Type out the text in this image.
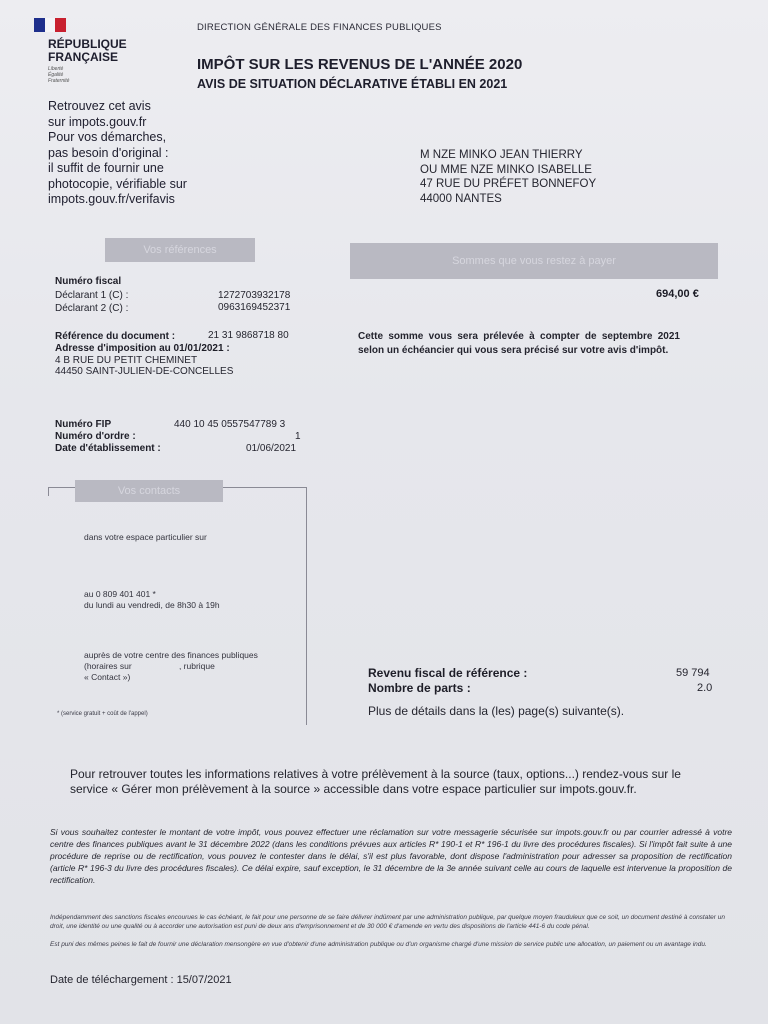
RÉPUBLIQUE
FRANÇAISE
Liberté
Égalité
Fraternité
DIRECTION GÉNÉRALE DES FINANCES PUBLIQUES
IMPÔT SUR LES REVENUS DE L'ANNÉE 2020
AVIS DE SITUATION DÉCLARATIVE ÉTABLI EN 2021
Retrouvez cet avis
sur impots.gouv.fr
Pour vos démarches,
pas besoin d'original :
il suffit de fournir une
photocopie, vérifiable sur
impots.gouv.fr/verifavis
M NZE MINKO JEAN THIERRY
OU MME NZE MINKO ISABELLE
47 RUE DU PRÉFET BONNEFOY
44000 NANTES
Vos références
Sommes que vous restez à payer
Numéro fiscal
Déclarant 1 (C) :	1272703932178
Déclarant 2 (C) :	0963169452371
Référence du document :	21 31 9868718 80
Adresse d'imposition au 01/01/2021 :
4 B RUE DU PETIT CHEMINET
44450 SAINT-JULIEN-DE-CONCELLES
Numéro FIP	440 10 45 0557547789 3
Numéro d'ordre :	1
Date d'établissement :	01/06/2021
694,00 €
Cette somme vous sera prélevée à compter de septembre 2021 selon un échéancier qui vous sera précisé sur votre avis d'impôt.
Vos contacts
dans votre espace particulier sur
au 0 809 401 401 *
du lundi au vendredi, de 8h30 à 19h
auprès de votre centre des finances publiques
(horaires sur                    , rubrique
« Contact »)
* (service gratuit + coût de l'appel)
Revenu fiscal de référence :	59 794
Nombre de parts :	2.0
Plus de détails dans la (les) page(s) suivante(s).
Pour retrouver toutes les informations relatives à votre prélèvement à la source (taux, options...) rendez-vous sur le service « Gérer mon prélèvement à la source » accessible dans votre espace particulier sur impots.gouv.fr.
Si vous souhaitez contester le montant de votre impôt, vous pouvez effectuer une réclamation sur votre messagerie sécurisée sur impots.gouv.fr ou par courrier adressé à votre centre des finances publiques avant le 31 décembre 2022 (dans les conditions prévues aux articles R* 190-1 et R* 196-1 du livre des procédures fiscales). Si l'impôt fait suite à une procédure de reprise ou de rectification, vous pouvez le contester dans le délai, s'il est plus favorable, dont dispose l'administration pour adresser sa proposition de rectification (article R* 196-3 du livre des procédures fiscales). Ce délai expire, sauf exception, le 31 décembre de la 3e année suivant celle au cours de laquelle est intervenue la proposition de rectification.
Indépendamment des sanctions fiscales encourues le cas échéant, le fait pour une personne de se faire délivrer indûment par une administration publique, par quelque moyen frauduleux que ce soit, un document destiné à constater un droit, une identité ou une qualité ou à accorder une autorisation est puni de deux ans d'emprisonnement et de 30 000 € d'amende en vertu des dispositions de l'article 441-6 du code pénal.
Est puni des mêmes peines le fait de fournir une déclaration mensongère en vue d'obtenir d'une administration publique ou d'un organisme chargé d'une mission de service public une allocation, un paiement ou un avantage indu.
Date de téléchargement : 15/07/2021
